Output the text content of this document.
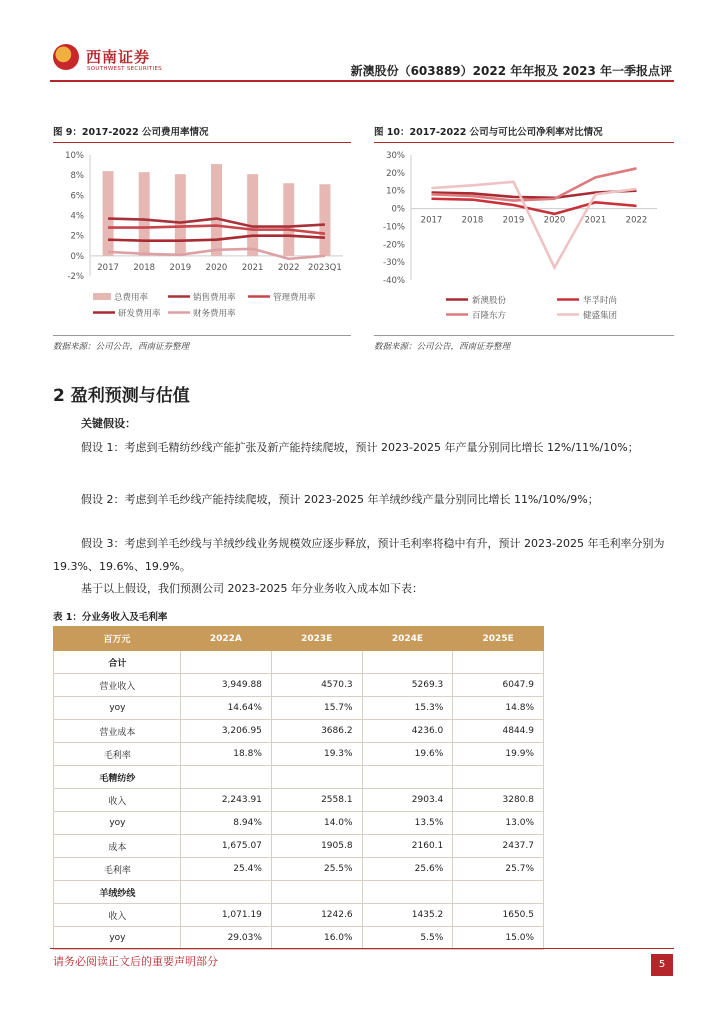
西南证券
SOUTHWEST SECURITIES	新澳股份（603889）2022 年年报及 2023 年一季报点评
图 9：2017-2022 公司费用率情况
10%
8%
6%
4%
2%
0%
-2%
2017 2018 2019 2020 2021 2022 2023Q1
总费用率	销售费用率	管理费用率
研发费用率	财务费用率
数据来源：公司公告，西南证券整理
图 10：2017-2022 公司与可比公司净利率对比情况
30%
20%
10%
0%
-10%
-20%
-30%
-40%
2017 2018 2019 2020 2021 2022
新澳股份	华孚时尚
百隆东方	健盛集团
数据来源：公司公告，西南证券整理
2 盈利预测与估值
关键假设：
假设 1：考虑到毛精纺纱线产能扩张及新产能持续爬坡，预计 2023-2025 年产量分别同比增长 12%/11%/10%；
假设 2：考虑到羊毛纱线产能持续爬坡，预计 2023-2025 年羊绒纱线产量分别同比增长 11%/10%/9%；
假设 3：考虑到羊毛纱线与羊绒纱线业务规模效应逐步释放，预计毛利率将稳中有升，预计 2023-2025 年毛利率分别为 19.3%、19.6%、19.9%。
基于以上假设，我们预测公司 2023-2025 年分业务收入成本如下表：
表 1：分业务收入及毛利率
百万元	2022A	2023E	2024E	2025E
合计				
营业收入	3,949.88	4570.3	5269.3	6047.9
yoy	14.64%	15.7%	15.3%	14.8%
营业成本	3,206.95	3686.2	4236.0	4844.9
毛利率	18.8%	19.3%	19.6%	19.9%
毛精纺纱				
收入	2,243.91	2558.1	2903.4	3280.8
yoy	8.94%	14.0%	13.5%	13.0%
成本	1,675.07	1905.8	2160.1	2437.7
毛利率	25.4%	25.5%	25.6%	25.7%
羊绒纱线				
收入	1,071.19	1242.6	1435.2	1650.5
yoy	29.03%	16.0%	5.5%	15.0%
请务必阅读正文后的重要声明部分	5
